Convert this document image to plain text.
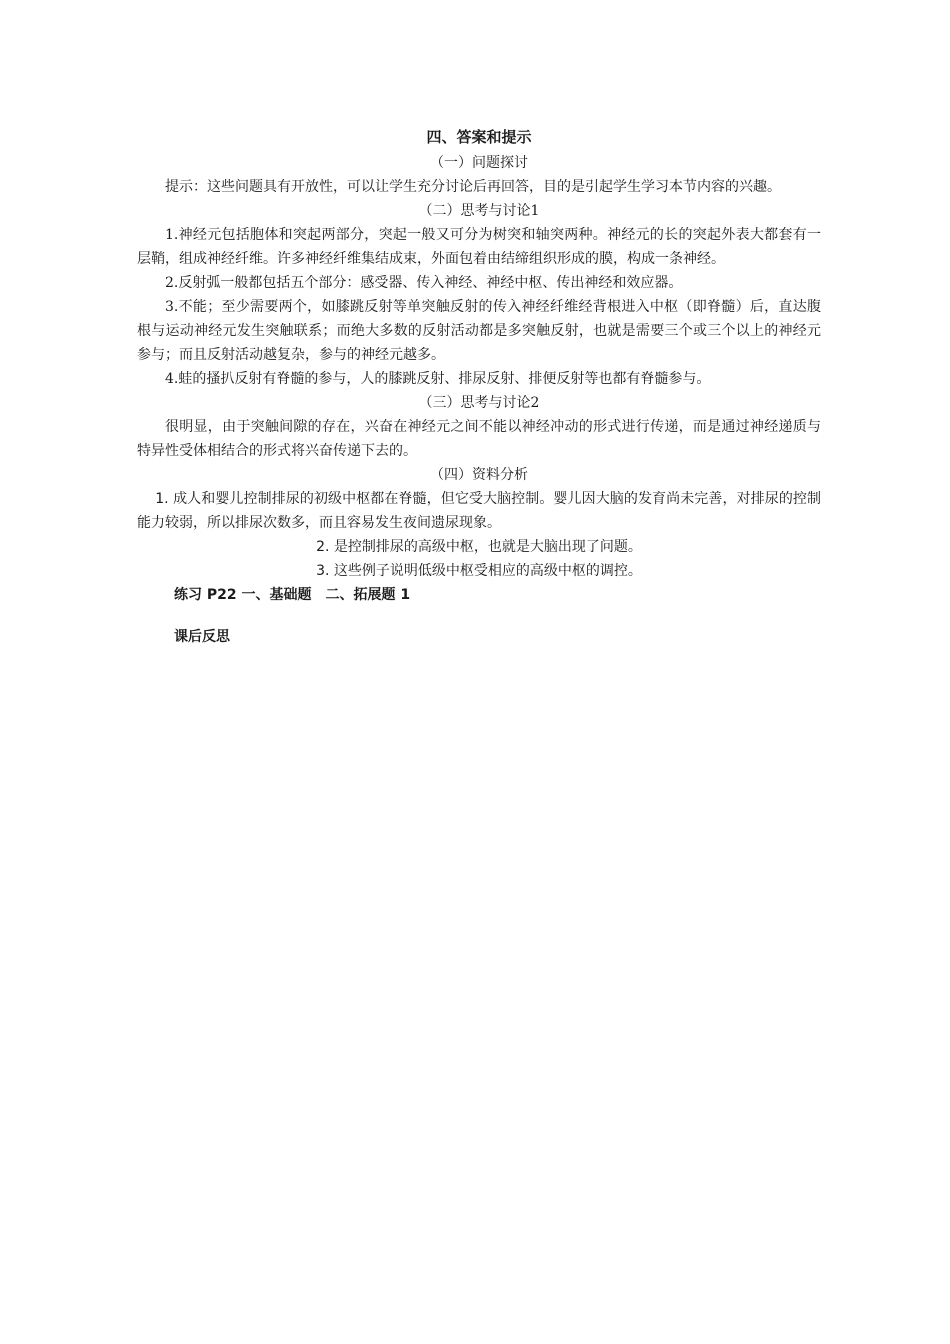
四、答案和提示

（一）问题探讨

提示：这些问题具有开放性，可以让学生充分讨论后再回答，目的是引起学生学习本节内容的兴趣。

（二）思考与讨论1

1.神经元包括胞体和突起两部分，突起一般又可分为树突和轴突两种。神经元的长的突起外表大都套有一层鞘，组成神经纤维。许多神经纤维集结成束，外面包着由结缔组织形成的膜，构成一条神经。

2.反射弧一般都包括五个部分：感受器、传入神经、神经中枢、传出神经和效应器。

3.不能；至少需要两个，如膝跳反射等单突触反射的传入神经纤维经背根进入中枢（即脊髓）后，直达腹根与运动神经元发生突触联系；而绝大多数的反射活动都是多突触反射，也就是需要三个或三个以上的神经元参与；而且反射活动越复杂，参与的神经元越多。

4.蛙的搔扒反射有脊髓的参与，人的膝跳反射、排尿反射、排便反射等也都有脊髓参与。

（三）思考与讨论2

很明显，由于突触间隙的存在，兴奋在神经元之间不能以神经冲动的形式进行传递，而是通过神经递质与特异性受体相结合的形式将兴奋传递下去的。

（四）资料分析

1. 成人和婴儿控制排尿的初级中枢都在脊髓，但它受大脑控制。婴儿因大脑的发育尚未完善，对排尿的控制能力较弱，所以排尿次数多，而且容易发生夜间遗尿现象。

2. 是控制排尿的高级中枢，也就是大脑出现了问题。

3. 这些例子说明低级中枢受相应的高级中枢的调控。

练习 P22 一、基础题　二、拓展题 1

课后反思
